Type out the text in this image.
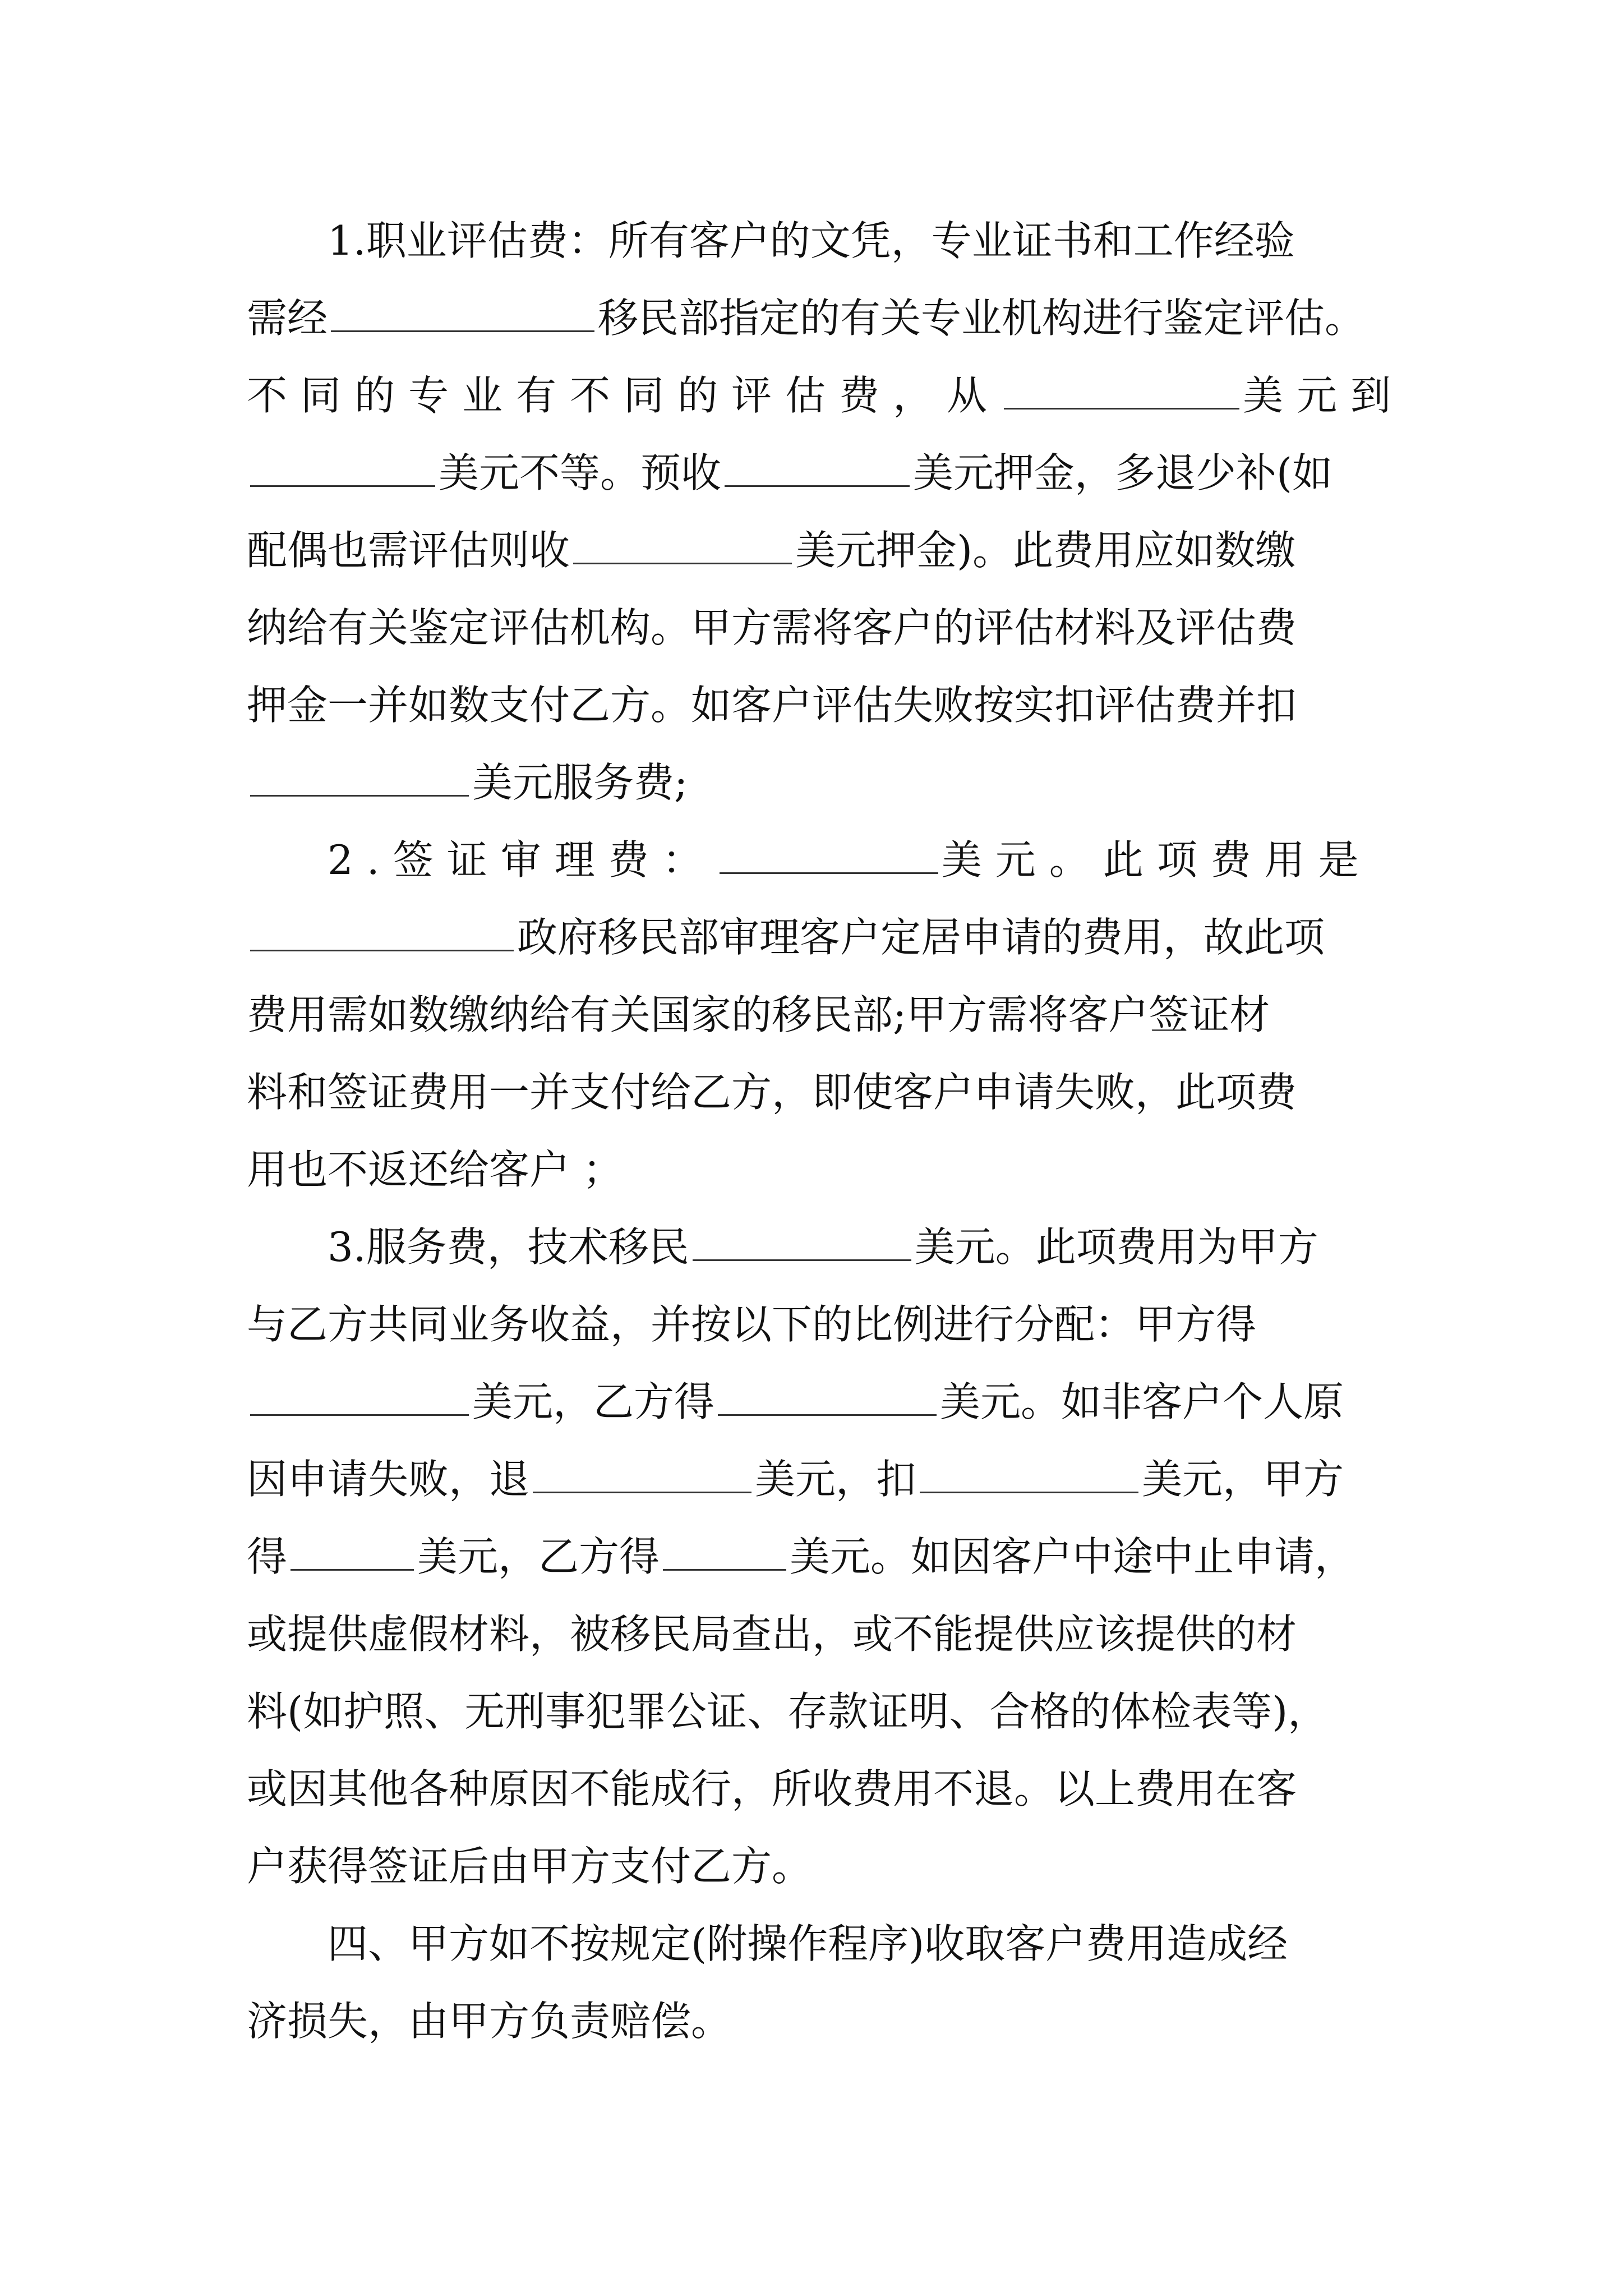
1.职业评估费：所有客户的文凭，专业证书和工作经验
需经	移民部指定的有关专业机构进行鉴定评估。
不同的专业有不同的评估费，从	美元到
美元不等。预收	美元押金，多退少补(如
配偶也需评估则收	美元押金)。此费用应如数缴
纳给有关鉴定评估机构。甲方需将客户的评估材料及评估费
押金一并如数支付乙方。如客户评估失败按实扣评估费并扣
美元服务费;
2.签证审理费：	美元。此项费用是
政府移民部审理客户定居申请的费用，故此项
费用需如数缴纳给有关国家的移民部;甲方需将客户签证材
料和签证费用一并支付给乙方，即使客户申请失败，此项费
用也不返还给客户 ；
3.服务费，技术移民	美元。此项费用为甲方
与乙方共同业务收益，并按以下的比例进行分配：甲方得
美元，乙方得	美元。如非客户个人原
因申请失败，退	美元，扣	美元，甲方
得	美元，乙方得	美元。如因客户中途中止申请，
或提供虚假材料，被移民局查出，或不能提供应该提供的材
料(如护照、无刑事犯罪公证、存款证明、合格的体检表等)，
或因其他各种原因不能成行，所收费用不退。以上费用在客
户获得签证后由甲方支付乙方。
四、甲方如不按规定(附操作程序)收取客户费用造成经
济损失，由甲方负责赔偿。
